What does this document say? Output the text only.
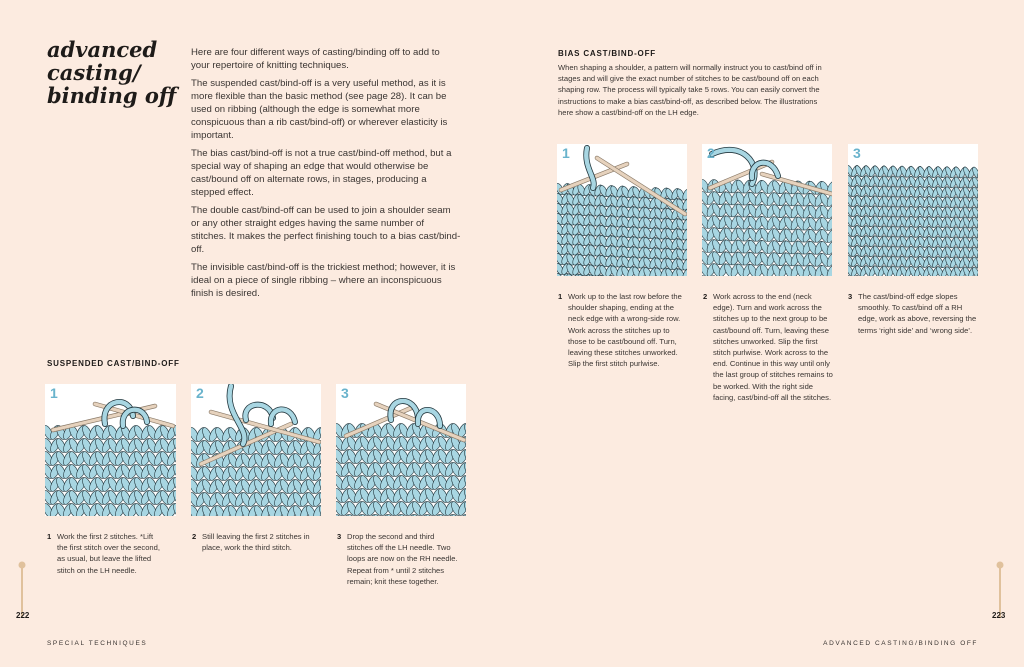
advanced casting/ binding off

Here are four different ways of casting/binding off to add to your repertoire of knitting techniques.

The suspended cast/bind-off is a very useful method, as it is more flexible than the basic method (see page 28). It can be used on ribbing (although the edge is somewhat more conspicuous than a rib cast/bind-off) or wherever elasticity is important.

The bias cast/bind-off is not a true cast/bind-off method, but a special way of shaping an edge that would otherwise be cast/bound off on alternate rows, in stages, producing a stepped effect.

The double cast/bind-off can be used to join a shoulder seam or any other straight edges having the same number of stitches. It makes the perfect finishing touch to a bias cast/bind-off.

The invisible cast/bind-off is the trickiest method; however, it is ideal on a piece of single ribbing – where an inconspicuous finish is desired.

SUSPENDED CAST/BIND-OFF
1	2	3
1 Work the first 2 stitches. *Lift the first stitch over the second, as usual, but leave the lifted stitch on the LH needle.
2 Still leaving the first 2 stitches in place, work the third stitch.
3 Drop the second and third stitches off the LH needle. Two loops are now on the RH needle. Repeat from * until 2 stitches remain; knit these together.
BIAS CAST/BIND-OFF
When shaping a shoulder, a pattern will normally instruct you to cast/bind off in stages and will give the exact number of stitches to be cast/bound off on each shaping row. The process will typically take 5 rows. You can easily convert the instructions to make a bias cast/bind-off, as described below. The illustrations here show a cast/bind-off on the LH edge.
1	2	3
1 Work up to the last row before the shoulder shaping, ending at the neck edge with a wrong-side row. Work across the stitches up to those to be cast/bound off. Turn, leaving these stitches unworked. Slip the first stitch purlwise.
2 Work across to the end (neck edge). Turn and work across the stitches up to the next group to be cast/bound off. Turn, leaving these stitches unworked. Slip the first stitch purlwise. Work across to the end. Continue in this way until only the last group of stitches remains to be worked. With the right side facing, cast/bind-off all the stitches.
3 The cast/bind-off edge slopes smoothly. To cast/bind off a RH edge, work as above, reversing the terms ‘right side’ and ‘wrong side’.
222	223
SPECIAL TECHNIQUES	ADVANCED CASTING/BINDING OFF
